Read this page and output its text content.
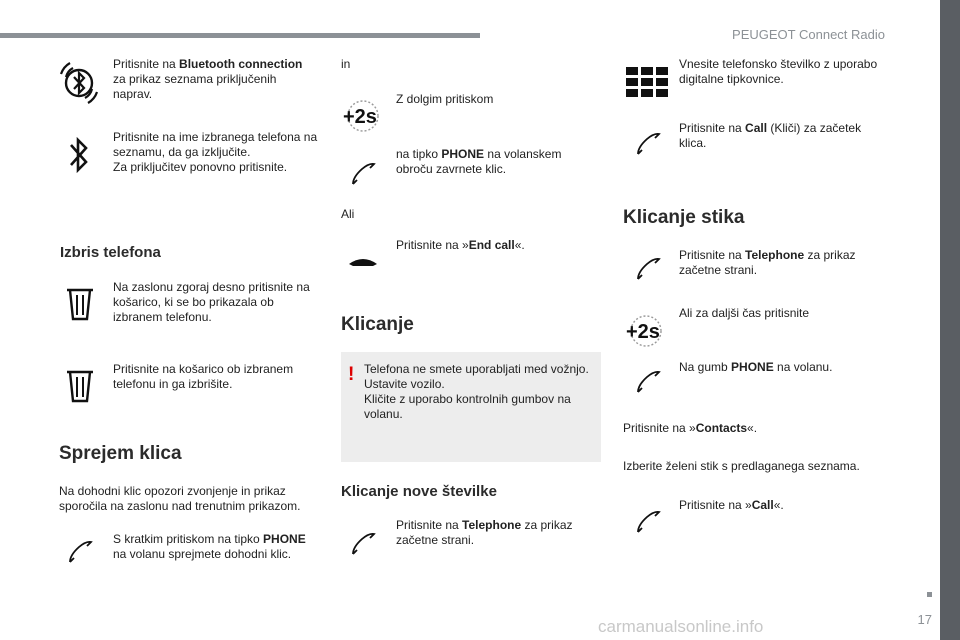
PEUGEOT Connect Radio
17
carmanualsonline.info
Pritisnite na Bluetooth connection za prikaz seznama priključenih naprav.
Pritisnite na ime izbranega telefona na seznamu, da ga izključite.
Za priključitev ponovno pritisnite.
Izbris telefona
Na zaslonu zgoraj desno pritisnite na košarico, ki se bo prikazala ob izbranem telefonu.
Pritisnite na košarico ob izbranem telefonu in ga izbrišite.
Sprejem klica
Na dohodni klic opozori zvonjenje in prikaz sporočila na zaslonu nad trenutnim prikazom.
S kratkim pritiskom na tipko PHONE na volanu sprejmete dohodni klic.
in
+2s
Z dolgim pritiskom
na tipko PHONE na volanskem obroču zavrnete klic.
Ali
Pritisnite na »End call«.
Klicanje
! Telefona ne smete uporabljati med vožnjo. Ustavite vozilo.
Kličite z uporabo kontrolnih gumbov na volanu.
Klicanje nove številke
Pritisnite na Telephone za prikaz začetne strani.
Vnesite telefonsko številko z uporabo digitalne tipkovnice.
Pritisnite na Call (Kliči) za začetek klica.
Klicanje stika
Pritisnite na Telephone za prikaz začetne strani.
+2s
Ali za daljši čas pritisnite
Na gumb PHONE na volanu.
Pritisnite na »Contacts«.
Izberite želeni stik s predlaganega seznama.
Pritisnite na »Call«.
